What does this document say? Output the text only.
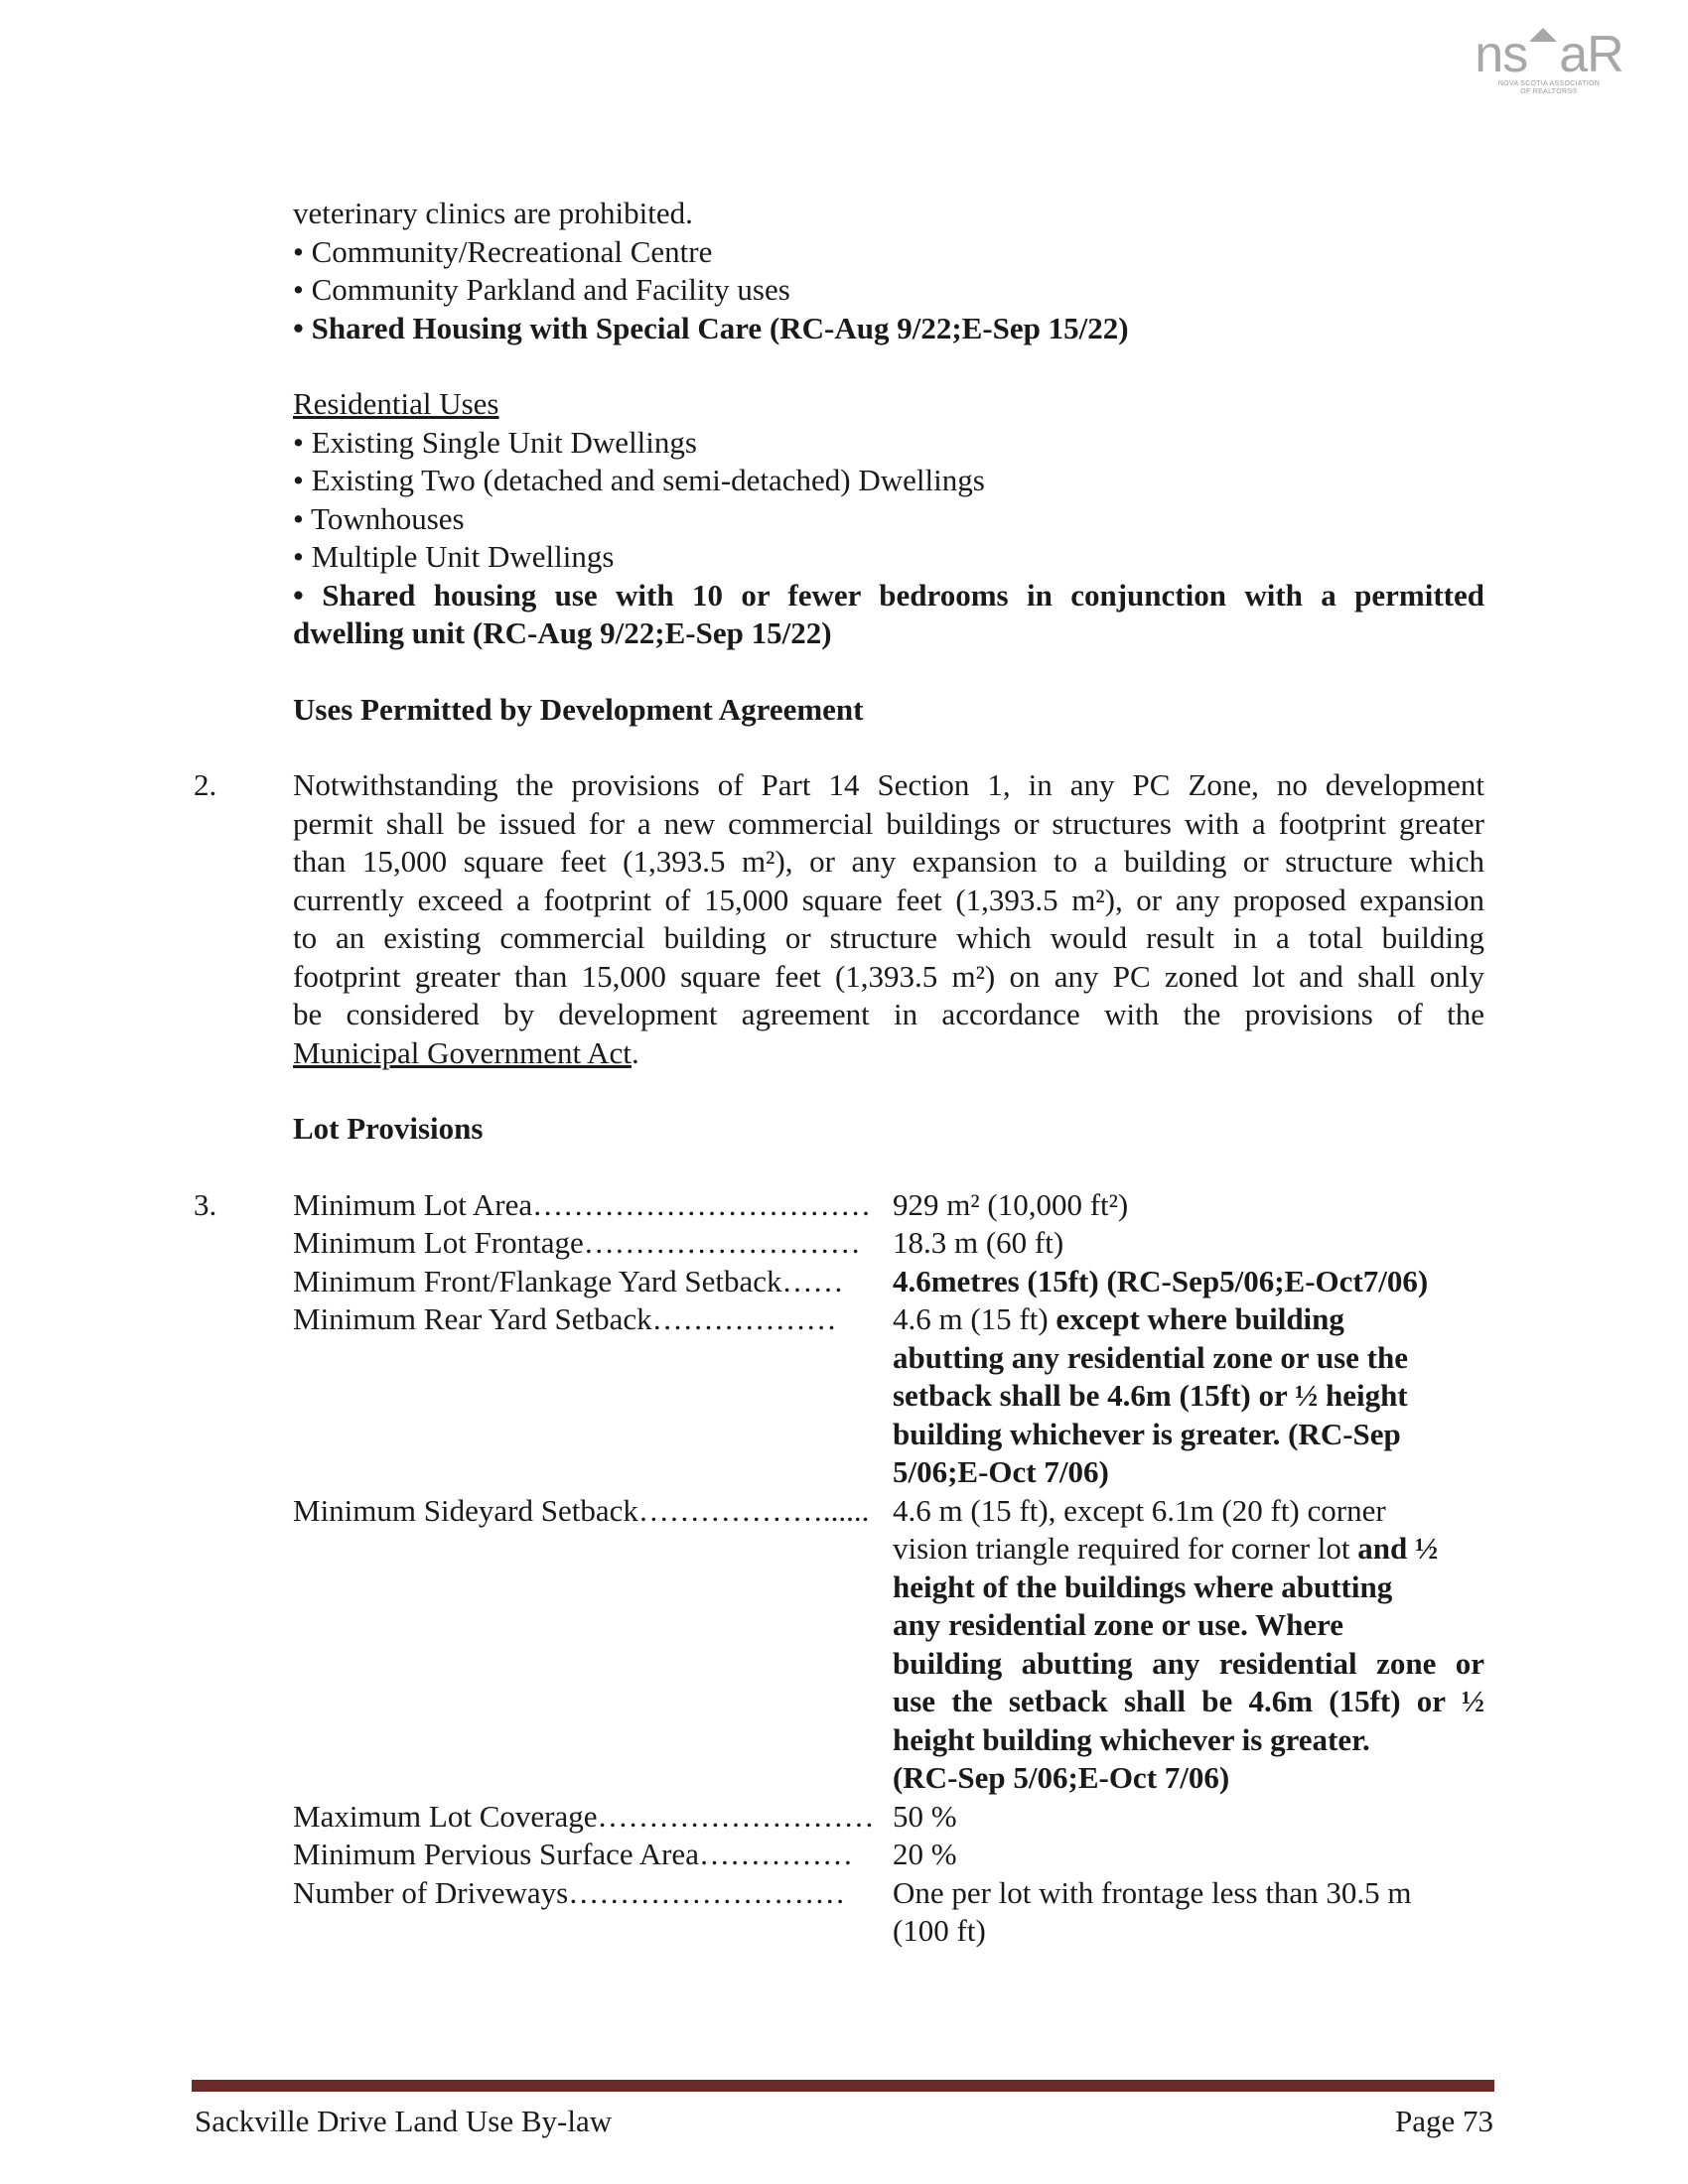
ns aR
NOVA SCOTIA ASSOCIATION
OF REALTORS®
veterinary clinics are prohibited.
• Community/Recreational Centre
• Community Parkland and Facility uses
• Shared Housing with Special Care (RC-Aug 9/22;E-Sep 15/22)
Residential Uses
• Existing Single Unit Dwellings
• Existing Two (detached and semi-detached) Dwellings
• Townhouses
• Multiple Unit Dwellings
• Shared housing use with 10 or fewer bedrooms in conjunction with a permitted
dwelling unit (RC-Aug 9/22;E-Sep 15/22)
Uses Permitted by Development Agreement
2. Notwithstanding the provisions of Part 14 Section 1, in any PC Zone, no development
permit shall be issued for a new commercial buildings or structures with a footprint greater
than 15,000 square feet (1,393.5 m²), or any expansion to a building or structure which
currently exceed a footprint of 15,000 square feet (1,393.5 m²), or any proposed expansion
to an existing commercial building or structure which would result in a total building
footprint greater than 15,000 square feet (1,393.5 m²) on any PC zoned lot and shall only
be considered by development agreement in accordance with the provisions of the
Municipal Government Act.
Lot Provisions
3. Minimum Lot Area…………………………… 929 m² (10,000 ft²)
Minimum Lot Frontage………………………	18.3 m (60 ft)
Minimum Front/Flankage Yard Setback……	4.6metres (15ft) (RC-Sep5/06;E-Oct7/06)
Minimum Rear Yard Setback………………	4.6 m (15 ft) except where building
abutting any residential zone or use the
setback shall be 4.6m (15ft) or ½ height
building whichever is greater. (RC-Sep
5/06;E-Oct 7/06)
Minimum Sideyard Setback………………...... 4.6 m (15 ft), except 6.1m (20 ft) corner
vision triangle required for corner lot and ½
height of the buildings where abutting
any residential zone or use. Where
building abutting any residential zone or
use the setback shall be 4.6m (15ft) or ½
height building whichever is greater.
(RC-Sep 5/06;E-Oct 7/06)
Maximum Lot Coverage……………………… 50 %
Minimum Pervious Surface Area……………	20 %
Number of Driveways………………………	One per lot with frontage less than 30.5 m
(100 ft)
Sackville Drive Land Use By-law	Page 73
